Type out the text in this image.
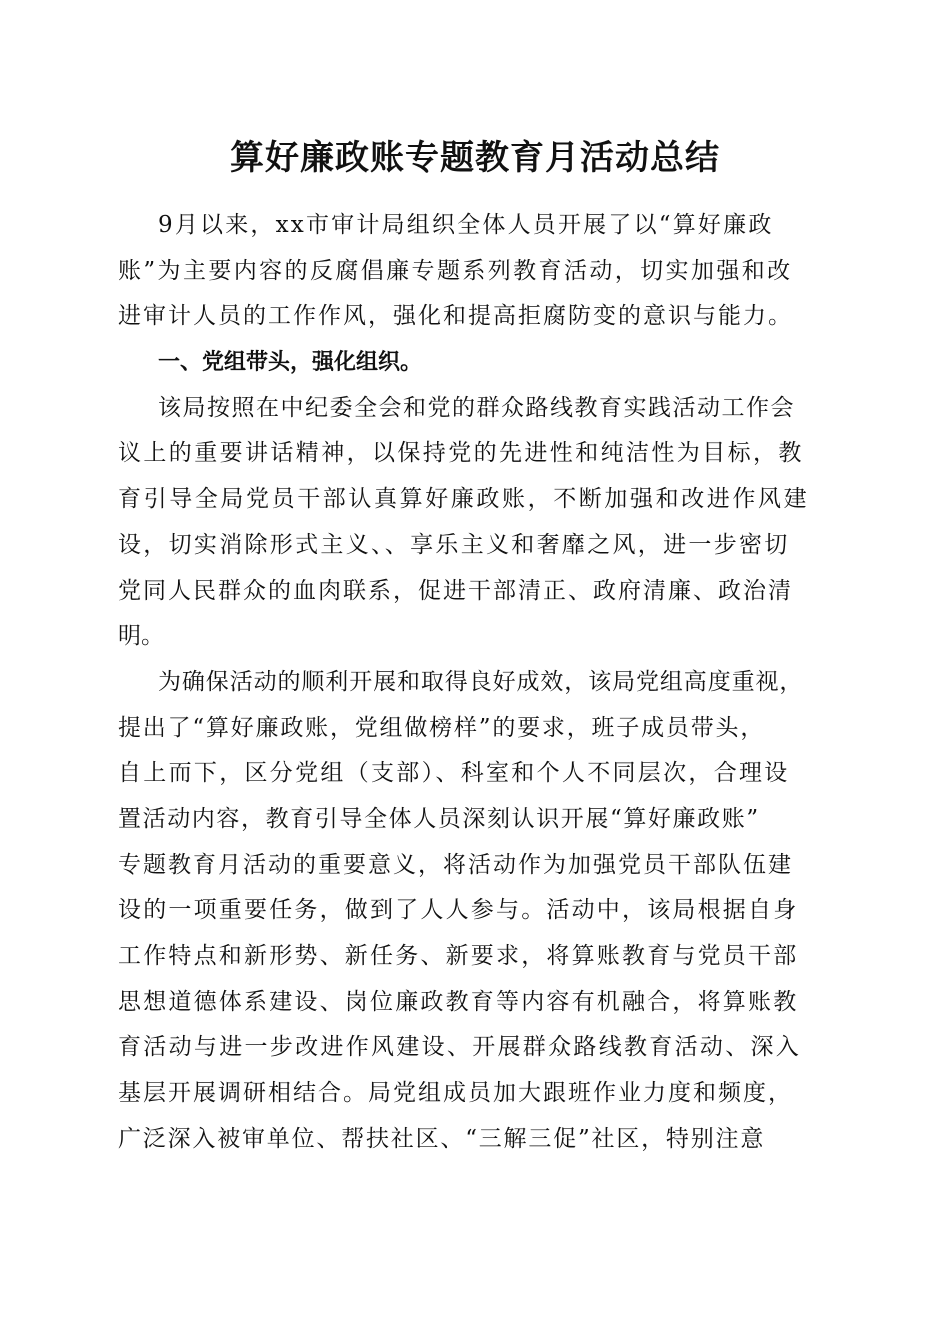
算好廉政账专题教育月活动总结
9月以来，xx市审计局组织全体人员开展了以“算好廉政
账”为主要内容的反腐倡廉专题系列教育活动，切实加强和改
进审计人员的工作作风，强化和提高拒腐防变的意识与能力。
一、党组带头，强化组织。
该局按照在中纪委全会和党的群众路线教育实践活动工作会
议上的重要讲话精神，以保持党的先进性和纯洁性为目标，教
育引导全局党员干部认真算好廉政账，不断加强和改进作风建
设，切实消除形式主义、、享乐主义和奢靡之风，进一步密切
党同人民群众的血肉联系，促进干部清正、政府清廉、政治清
明。
为确保活动的顺利开展和取得良好成效，该局党组高度重视，
提出了“算好廉政账，党组做榜样”的要求，班子成员带头，
自上而下，区分党组（支部）、科室和个人不同层次，合理设
置活动内容，教育引导全体人员深刻认识开展“算好廉政账”
专题教育月活动的重要意义，将活动作为加强党员干部队伍建
设的一项重要任务，做到了人人参与。活动中，该局根据自身
工作特点和新形势、新任务、新要求，将算账教育与党员干部
思想道德体系建设、岗位廉政教育等内容有机融合，将算账教
育活动与进一步改进作风建设、开展群众路线教育活动、深入
基层开展调研相结合。局党组成员加大跟班作业力度和频度，
广泛深入被审单位、帮扶社区、“三解三促”社区，特别注意
